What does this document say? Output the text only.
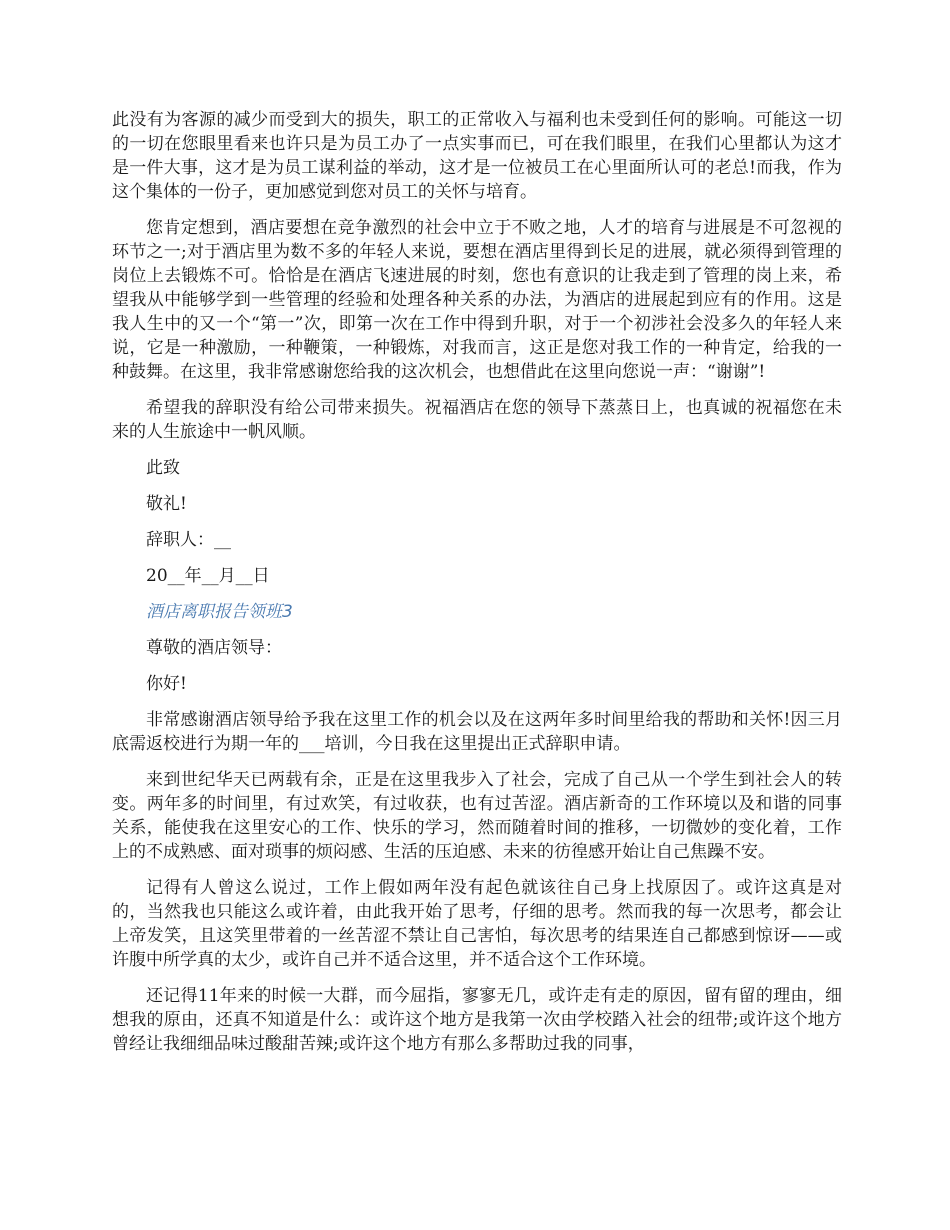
此没有为客源的减少而受到大的损失，职工的正常收入与福利也未受到任何的影响。可能这一切的一切在您眼里看来也许只是为员工办了一点实事而已，可在我们眼里，在我们心里都认为这才是一件大事，这才是为员工谋利益的举动，这才是一位被员工在心里面所认可的老总!而我，作为这个集体的一份子，更加感觉到您对员工的关怀与培育。

您肯定想到，酒店要想在竞争激烈的社会中立于不败之地，人才的培育与进展是不可忽视的环节之一;对于酒店里为数不多的年轻人来说，要想在酒店里得到长足的进展，就必须得到管理的岗位上去锻炼不可。恰恰是在酒店飞速进展的时刻，您也有意识的让我走到了管理的岗上来，希望我从中能够学到一些管理的经验和处理各种关系的办法，为酒店的进展起到应有的作用。这是我人生中的又一个“第一”次，即第一次在工作中得到升职，对于一个初涉社会没多久的年轻人来说，它是一种激励，一种鞭策，一种锻炼，对我而言，这正是您对我工作的一种肯定，给我的一种鼓舞。在这里，我非常感谢您给我的这次机会，也想借此在这里向您说一声：“谢谢”!

希望我的辞职没有给公司带来损失。祝福酒店在您的领导下蒸蒸日上，也真诚的祝福您在未来的人生旅途中一帆风顺。

此致

敬礼!

辞职人：__

20__年__月__日

酒店离职报告领班3

尊敬的酒店领导：

你好!

非常感谢酒店领导给予我在这里工作的机会以及在这两年多时间里给我的帮助和关怀!因三月底需返校进行为期一年的___培训，今日我在这里提出正式辞职申请。

来到世纪华天已两载有余，正是在这里我步入了社会，完成了自己从一个学生到社会人的转变。两年多的时间里，有过欢笑，有过收获，也有过苦涩。酒店新奇的工作环境以及和谐的同事关系，能使我在这里安心的工作、快乐的学习，然而随着时间的推移，一切微妙的变化着，工作上的不成熟感、面对琐事的烦闷感、生活的压迫感、未来的彷徨感开始让自己焦躁不安。

记得有人曾这么说过，工作上假如两年没有起色就该往自己身上找原因了。或许这真是对的，当然我也只能这么或许着，由此我开始了思考，仔细的思考。然而我的每一次思考，都会让上帝发笑，且这笑里带着的一丝苦涩不禁让自己害怕，每次思考的结果连自己都感到惊讶——或许腹中所学真的太少，或许自己并不适合这里，并不适合这个工作环境。

还记得11年来的时候一大群，而今屈指，寥寥无几，或许走有走的原因，留有留的理由，细想我的原由，还真不知道是什么：或许这个地方是我第一次由学校踏入社会的纽带;或许这个地方曾经让我细细品味过酸甜苦辣;或许这个地方有那么多帮助过我的同事，
